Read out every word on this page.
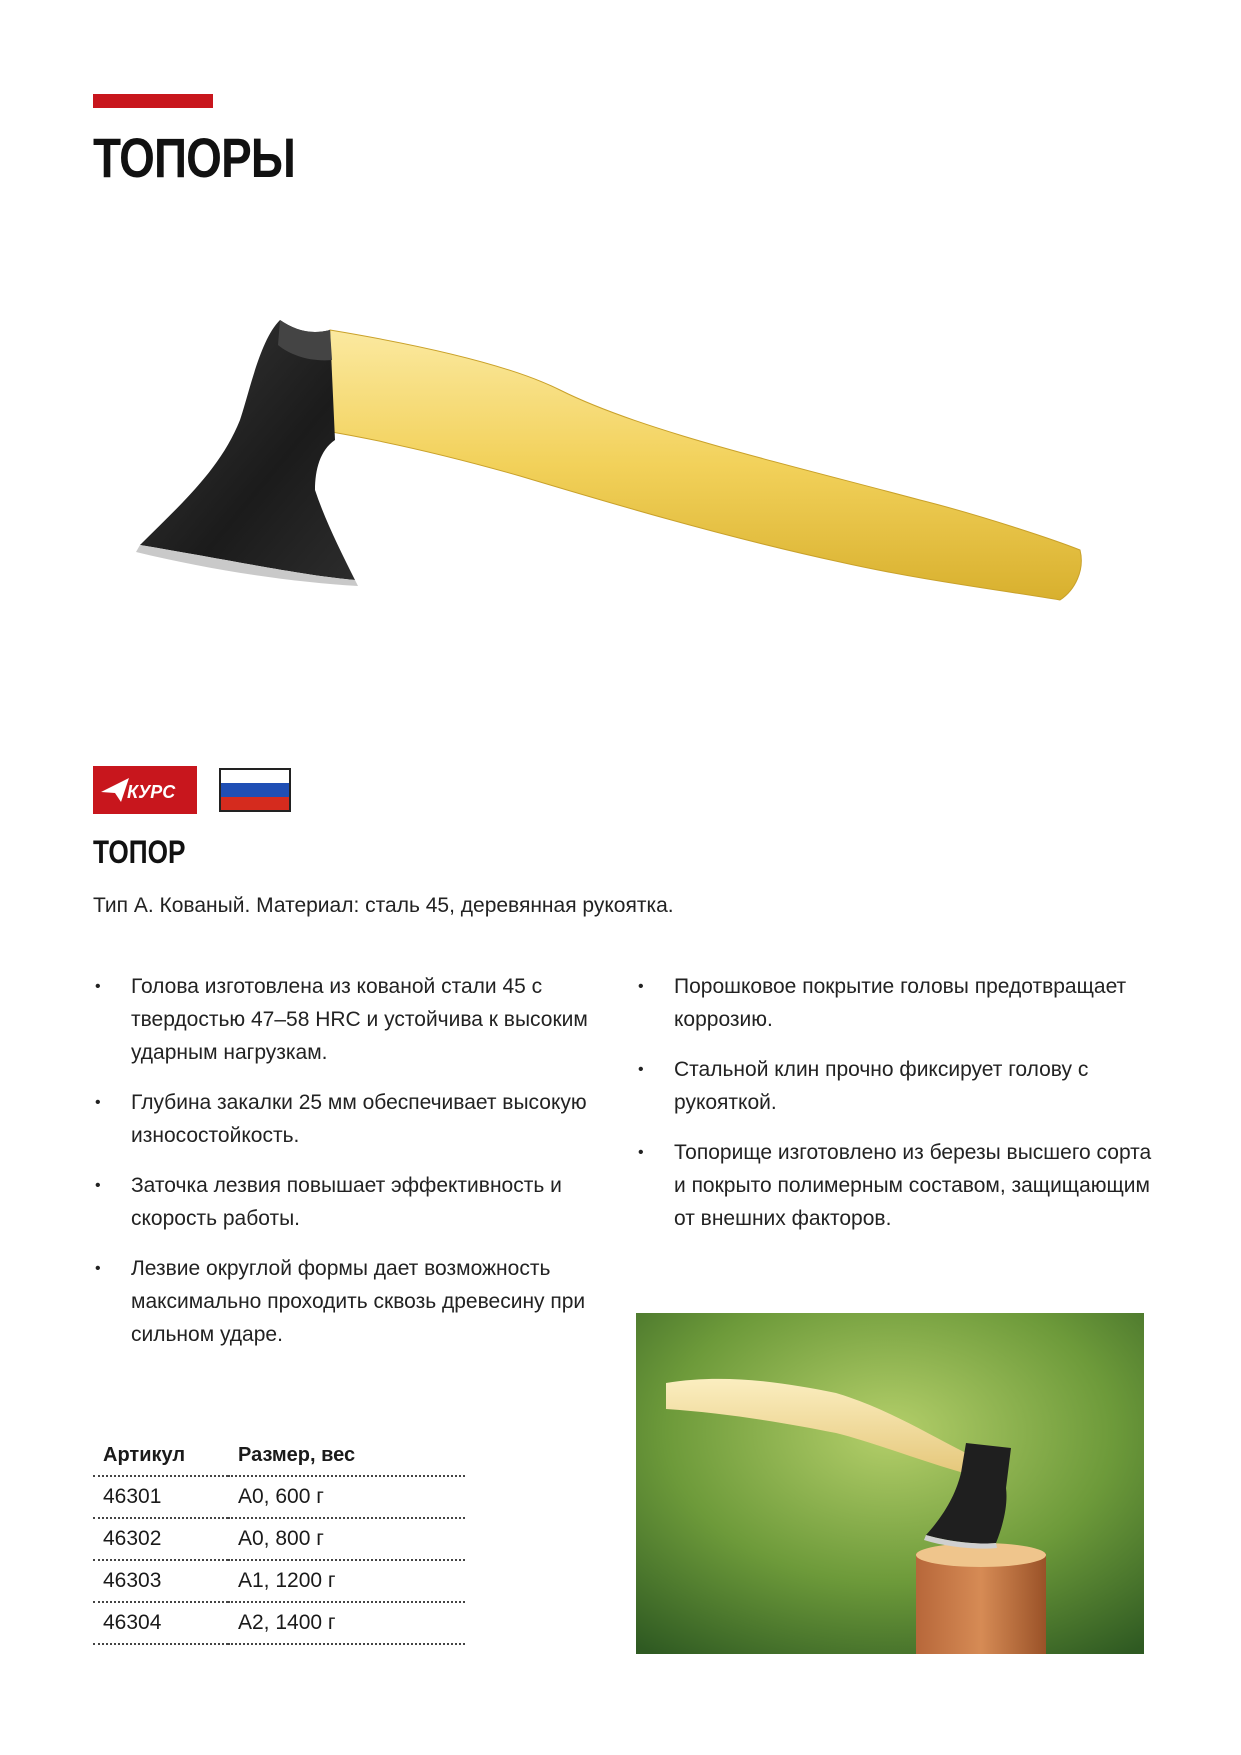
ТОПОРЫ
КУРС
ТОПОР

Тип А. Кованый. Материал: сталь 45, деревянная рукоятка.

• Голова изготовлена из кованой стали 45 с твердостью 47–58 HRC и устойчива к высоким ударным нагрузкам.
• Глубина закалки 25 мм обеспечивает высокую износостойкость.
• Заточка лезвия повышает эффективность и скорость работы.
• Лезвие округлой формы дает возможность максимально проходить сквозь древесину при сильном ударе.
• Порошковое покрытие головы предотвращает коррозию.
• Стальной клин прочно фиксирует голову с рукояткой.
• Топорище изготовлено из березы высшего сорта и покрыто полимерным составом, защищающим от внешних факторов.
Артикул	Размер, вес
46301	А0, 600 г
46302	А0, 800 г
46303	А1, 1200 г
46304	А2, 1400 г
